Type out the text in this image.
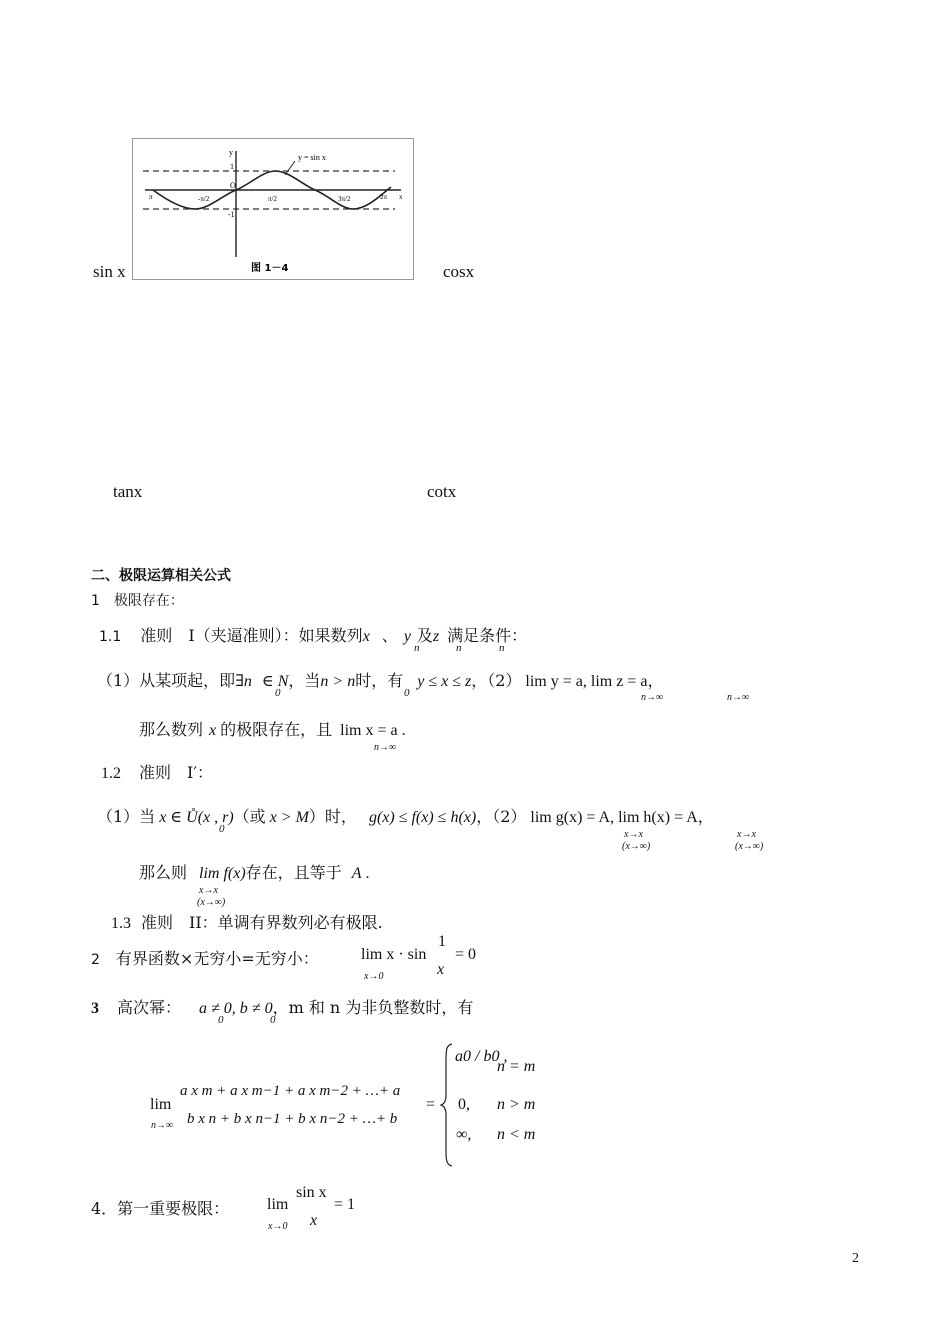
sin x
y = sin x
y
1
-1
O
π	-π/2	π/2	3π/2	2π x
图 1－4	cosx
tanx	cotx
二、极限运算相关公式
1　极限存在：
1.1 准则　I（夹逼准则）：如果数列x 、 y 及z 满足条件：
n	n	n
（1）从某项起，即∃n ∈ N，当n > n时，有 y ≤ x ≤ z，（2） lim y = a, lim z = a，
0	0	n→∞	n→∞
那么数列 x 的极限存在，且 lim x = a .
n→∞
1.2 准则　I′：
（1）当 x ∈ Ů(x , r)（或 x > M）时， g(x) ≤ f(x) ≤ h(x)，（2） lim g(x) = A, lim h(x) = A，
0	x→x
(x→∞)
x→x
(x→∞)
那么则 lim f(x)存在，且等于 A .
x→x
(x→∞)
1.3 准则　II：单调有界数列必有极限.
2 有界函数×无穷小=无穷小：	lim x · sin
1
x
= 0
x→0
3 高次幂： a ≠ 0, b ≠ 0，m 和 n 为非负整数时，有
0	0
lim
n→∞
a x m + a x m−1 + a x m−2 + …+ a
b x n + b x n−1 + b x n−2 + …+ b
=
a0 / b0 ,
n = m
0, n > m
∞, n < m
4．第一重要极限： lim
x→0
sin x
x
= 1
2
